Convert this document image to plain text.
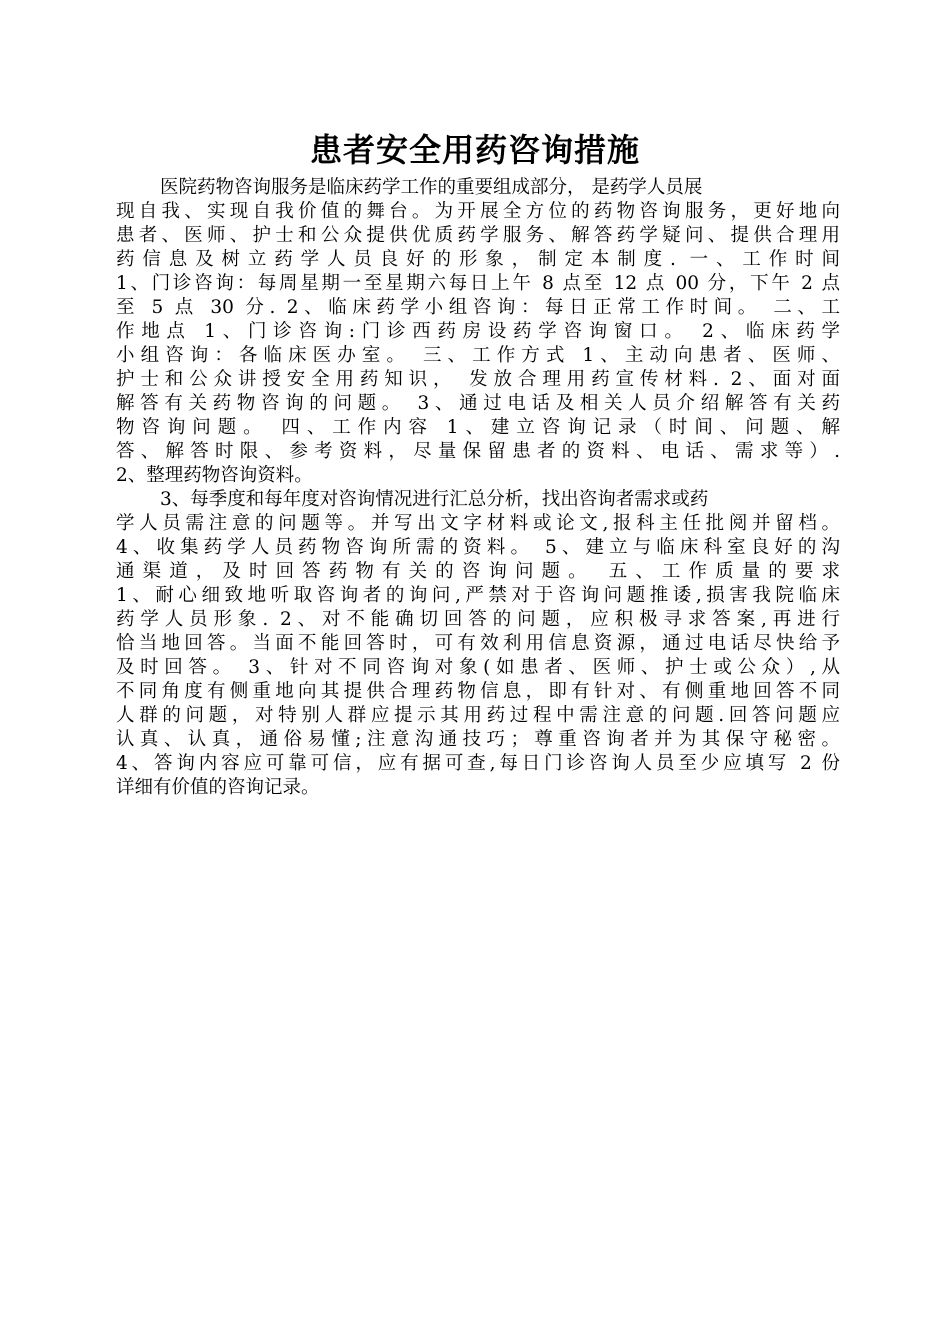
患者安全用药咨询措施
医院药物咨询服务是临床药学工作的重要组成部分， 是药学人员展
现自我、实现自我价值的舞台。为开展全方位的药物咨询服务，更好地向
患者、医师、护士和公众提供优质药学服务、解答药学疑问、提供合理用
药信息及树立药学人员良好的形象，制定本制度. 一、工作时间
1、门诊咨询：每周星期一至星期六每日上午 8 点至 12 点 00 分，下午 2 点
至 5 点 30 分. 2、临床药学小组咨询：每日正常工作时间。 二、工
作地点 1、门诊咨询:门诊西药房设药学咨询窗口。 2、临床药学
小组咨询：各临床医办室。 三、工作方式 1、主动向患者、医师、
护士和公众讲授安全用药知识， 发放合理用药宣传材料. 2、面对面
解答有关药物咨询的问题。 3、通过电话及相关人员介绍解答有关药
物咨询问题。 四、工作内容 1、建立咨询记录（时间、问题、解
答、解答时限、参考资料，尽量保留患者的资料、电话、需求等）.
2、整理药物咨询资料。
3、每季度和每年度对咨询情况进行汇总分析，找出咨询者需求或药
学人员需注意的问题等。并写出文字材料或论文,报科主任批阅并留档。
4、收集药学人员药物咨询所需的资料。 5、建立与临床科室良好的沟
通渠道，及时回答药物有关的咨询问题。 五、工作质量的要求
1、耐心细致地听取咨询者的询问,严禁对于咨询问题推诿,损害我院临床
药学人员形象. 2、对不能确切回答的问题，应积极寻求答案,再进行
恰当地回答。当面不能回答时，可有效利用信息资源，通过电话尽快给予
及时回答。 3、针对不同咨询对象(如患者、医师、护士或公众）,从
不同角度有侧重地向其提供合理药物信息，即有针对、有侧重地回答不同
人群的问题，对特别人群应提示其用药过程中需注意的问题.回答问题应
认真、认真，通俗易懂;注意沟通技巧；尊重咨询者并为其保守秘密。
4、答询内容应可靠可信，应有据可查,每日门诊咨询人员至少应填写 2 份
详细有价值的咨询记录。
